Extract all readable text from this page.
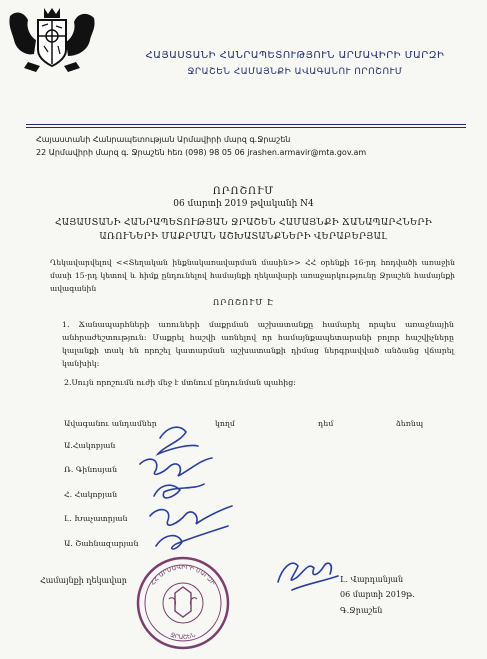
ՀԱՅԱՍՏԱՆԻ ՀԱՆՐԱՊԵՏՈՒԹՅՈՒՆ ԱՐՄԱՎԻՐԻ ՄԱՐԶԻ
ՋՐԱՇԵՆ ՀԱՄԱՅՆՔԻ ԱՎԱԳԱՆՈՒ ՈՐՈՇՈՒՄ
Հայաստանի Հանրապետության Արմավիրի մարզ գ.Ջրաշեն
22 Արմավիրի մարզ գ. Ջրաշեն հեռ (098) 98 05 06 jrashen.armavir@mta.gov.am
ՈՐՈՇՈՒՄ
06 մարտի 2019 թվականի N4
ՀԱՅԱՍՏԱՆԻ ՀԱՆՐԱՊԵՏՈՒԹՅԱՆ ՋՐԱՇԵՆ ՀԱՄԱՅՆՔԻ ՃԱՆԱՊԱՐՀՆԵՐԻ
ԱՌՈՒՆԵՐԻ ՄԱՔՐՄԱՆ ԱՇԽԱՏԱՆՔՆԵՐԻ ՎԵՐԱԲԵՐՅԱԼ
Ղեկավարվելով <<Տեղական ինքնակառավարման մասին>> ՀՀ օրենքի 16-րդ հոդվածի առաջին մասի 15-րդ կետով և հիմք ընդունելով համայնքի ղեկավարի առաջարկությունը Ջրաշեն համայնքի ավագանին
ՈՐՈՇՈՒՄ Է
1. Ճանապարհների առուների մաքրման աշխատանքը համարել որպես առաջնային անհրաժեշտություն: Մաքրել հաշվի առնելով որ համայնքապետարանի բոլոր հաշվիչները կալանքի տակ են որոշել կատարման աշխատանքի դիմաց ներգրավված անձանց վճարել կանխիկ:
2.Սույն որոշումն ուժի մեջ է մտնում ընդունման պահից:
Ավագանու անդամներ	կողմ	դեմ	ձեռնպ
Ա.Հակոբյան
Ռ. Գինոսյան
Հ. Հակոբյան
Լ. Խաչատրյան
Ա. Շահնազարյան
ՀՀ ԱՐՄԱՎԻՐԻ ՄԱՐԶԻ
ՋՐԱՇԵՆ
Համայնքի ղեկավար	Լ. Վարդանյան
06 մարտի 2019թ.
Գ.Ջրաշեն
